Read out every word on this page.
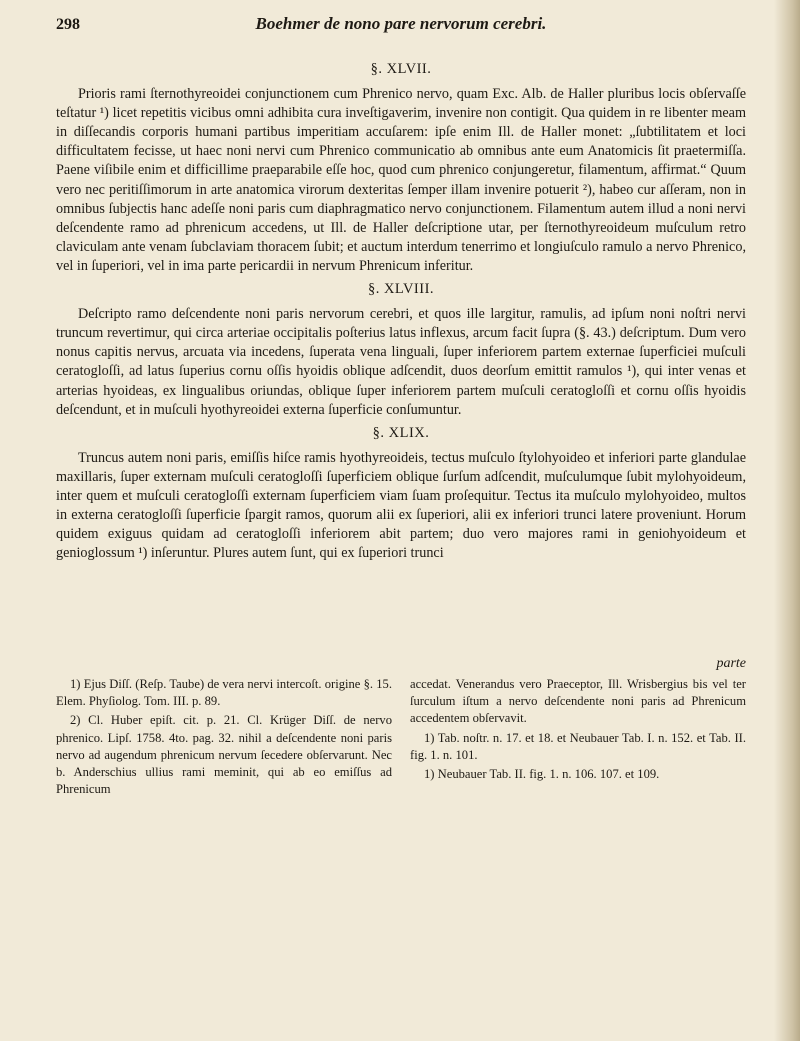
298	Boehmer de nono pare nervorum cerebri.
§. XLVII.

Prioris rami ſternothyreoidei conjunctionem cum Phrenico nervo, quam Exc. Alb. de Haller pluribus locis obſervaſſe teſtatur ¹) licet repetitis vicibus omni adhibita cura inveſtigaverim, invenire non contigit. Qua quidem in re libenter meam in diſſecandis corporis humani partibus imperitiam accuſarem: ipſe enim Ill. de Haller monet: „ſubtilitatem et loci difficultatem fecisse, ut haec noni nervi cum Phrenico communicatio ab omnibus ante eum Anatomicis ſit praetermiſſa. Paene viſibile enim et difficillime praeparabile eſſe hoc, quod cum phrenico conjungeretur, filamentum, affirmat.“ Quum vero nec peritiſſimorum in arte anatomica virorum dexteritas ſemper illam invenire potuerit ²), habeo cur aſſeram, non in omnibus ſubjectis hanc adeſſe noni paris cum diaphragmatico nervo conjunctionem. Filamentum autem illud a noni nervi deſcendente ramo ad phrenicum accedens, ut Ill. de Haller deſcriptione utar, per ſternothyreoideum muſculum retro claviculam ante venam ſubclaviam thoracem ſubit; et auctum interdum tenerrimo et longiuſculo ramulo a nervo Phrenico, vel in ſuperiori, vel in ima parte pericardii in nervum Phrenicum inferitur.

§. XLVIII.

Deſcripto ramo deſcendente noni paris nervorum cerebri, et quos ille largitur, ramulis, ad ipſum noni noſtri nervi truncum revertimur, qui circa arteriae occipitalis poſterius latus inflexus, arcum facit ſupra (§. 43.) deſcriptum. Dum vero nonus capitis nervus, arcuata via incedens, ſuperata vena linguali, ſuper inferiorem partem externae ſuperficiei muſculi ceratogloſſi, ad latus ſuperius cornu oſſis hyoidis oblique adſcendit, duos deorſum emittit ramulos ¹), qui inter venas et arterias hyoideas, ex lingualibus oriundas, oblique ſuper inferiorem partem muſculi ceratogloſſi et cornu oſſis hyoidis deſcendunt, et in muſculi hyothyreoidei externa ſuperficie conſumuntur.

§. XLIX.

Truncus autem noni paris, emiſſis hiſce ramis hyothyreoideis, tectus muſculo ſtylohyoideo et inferiori parte glandulae maxillaris, ſuper externam muſculi ceratogloſſi ſuperficiem oblique ſurſum adſcendit, muſculumque ſubit mylohyoideum, inter quem et muſculi ceratogloſſi externam ſuperficiem viam ſuam proſequitur. Tectus ita muſculo mylohyoideo, multos in externa ceratogloſſi ſuperficie ſpargit ramos, quorum alii ex ſuperiori, alii ex inferiori trunci latere proveniunt. Horum quidem exiguus quidam ad ceratogloſſi inferiorem abit partem; duo vero majores rami in geniohyoideum et genioglossum ¹) inſeruntur. Plures autem ſunt, qui ex ſuperiori trunci

parte

1) Ejus Diſſ. (Reſp. Taube) de vera nervi intercoſt. origine §. 15. Elem. Phyſiolog. Tom. III. p. 89.

2) Cl. Huber epiſt. cit. p. 21. Cl. Krüger Diſſ. de nervo phrenico. Lipſ. 1758. 4to. pag. 32. nihil a deſcendente noni paris nervo ad augendum phrenicum nervum ſecedere obſervarunt. Nec b. Anderschius ullius rami meminit, qui ab eo emiſſus ad Phrenicum

accedat. Venerandus vero Praeceptor, Ill. Wrisbergius bis vel ter ſurculum iſtum a nervo deſcendente noni paris ad Phrenicum accedentem obſervavit.

1) Tab. noſtr. n. 17. et 18. et Neubauer Tab. I. n. 152. et Tab. II. fig. 1. n. 101.

1) Neubauer Tab. II. fig. 1. n. 106. 107. et 109.
